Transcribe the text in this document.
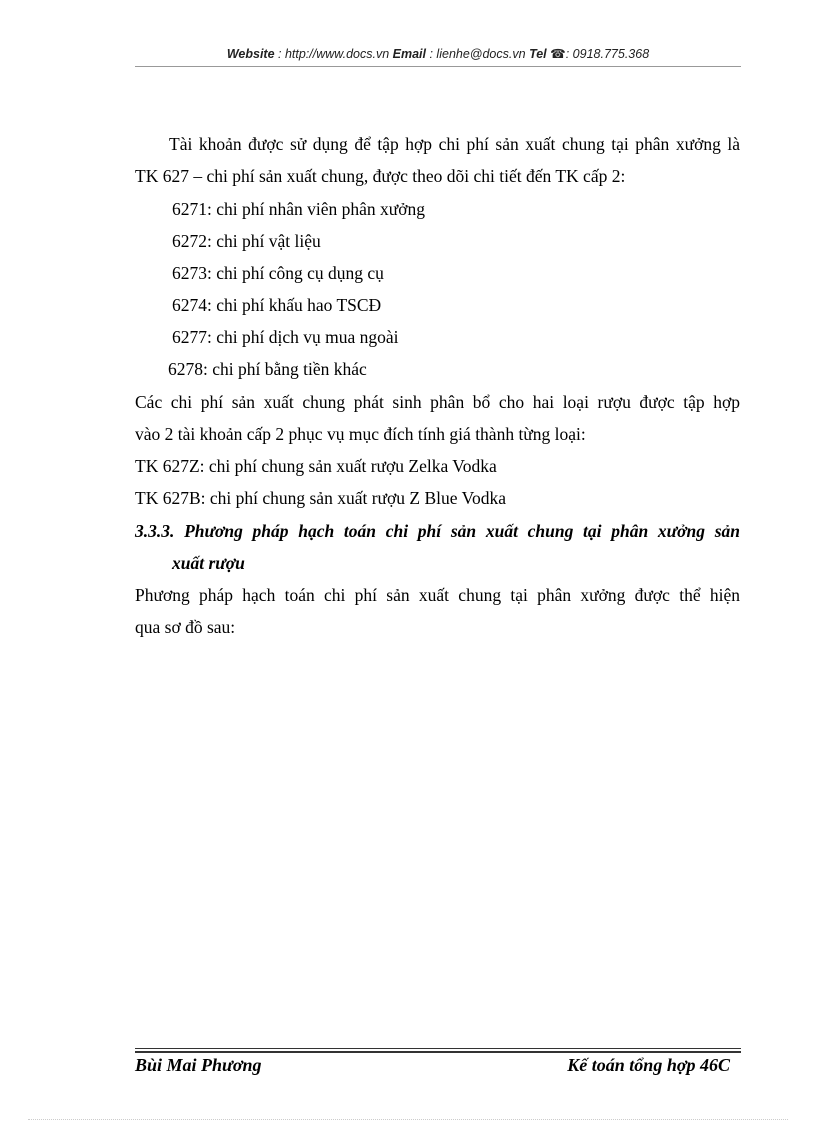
Website : http://www.docs.vn Email : lienhe@docs.vn Tel ☎: 0918.775.368
Tài khoản được sử dụng để tập hợp chi phí sản xuất chung tại phân xưởng là
TK 627 – chi phí sản xuất chung, được theo dõi chi tiết đến TK cấp 2:
6271: chi phí nhân viên phân xưởng
6272: chi phí vật liệu
6273: chi phí công cụ dụng cụ
6274: chi phí khấu hao TSCĐ
6277: chi phí dịch vụ mua ngoài
6278: chi phí bằng tiền khác
Các chi phí sản xuất chung phát sinh phân bổ cho hai loại rượu được tập hợp
vào 2 tài khoản cấp 2 phục vụ mục đích tính giá thành từng loại:
TK 627Z: chi phí chung sản xuất rượu Zelka Vodka
TK 627B: chi phí chung sản xuất rượu Z Blue Vodka
3.3.3. Phương pháp hạch toán chi phí sản xuất chung tại phân xưởng sản
xuất rượu
Phương pháp hạch toán chi phí sản xuất chung tại phân xưởng được thể hiện
qua sơ đồ sau:
Bùi Mai Phương	Kế toán tổng hợp 46C
